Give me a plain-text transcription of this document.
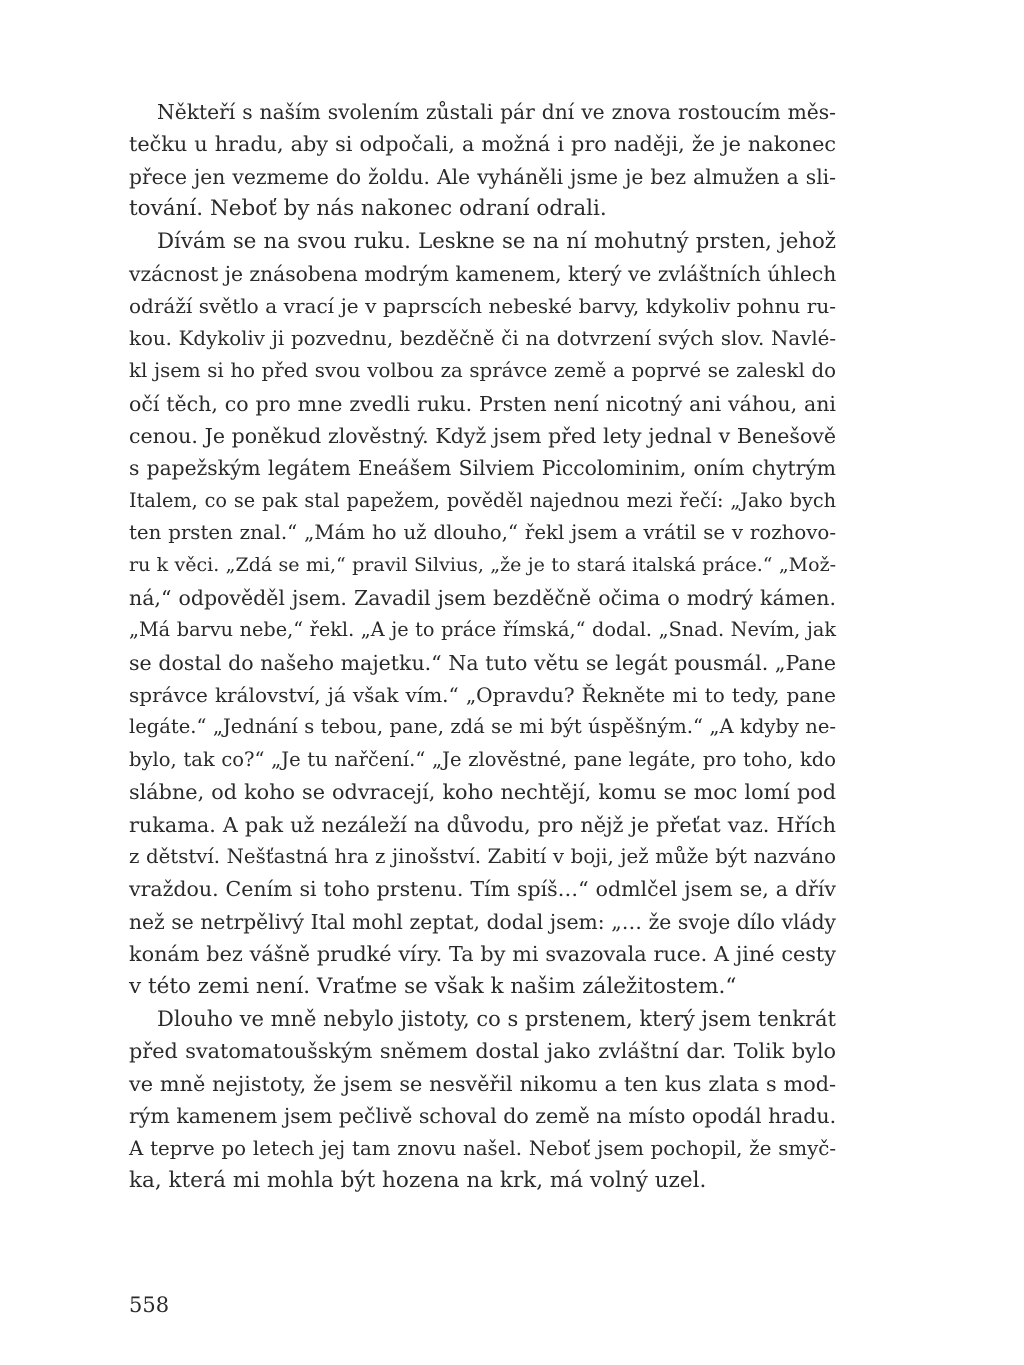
Někteří s naším svolením zůstali pár dní ve znova rostoucím měs-
tečku u hradu, aby si odpočali, a možná i pro naději, že je nakonec
přece jen vezmeme do žoldu. Ale vyháněli jsme je bez almužen a sli-
tování. Neboť by nás nakonec odraní odrali.
Dívám se na svou ruku. Leskne se na ní mohutný prsten, jehož
vzácnost je znásobena modrým kamenem, který ve zvláštních úhlech
odráží světlo a vrací je v paprscích nebeské barvy, kdykoliv pohnu ru-
kou. Kdykoliv ji pozvednu, bezděčně či na dotvrzení svých slov. Navlé-
kl jsem si ho před svou volbou za správce země a poprvé se zaleskl do
očí těch, co pro mne zvedli ruku. Prsten není nicotný ani váhou, ani
cenou. Je poněkud zlověstný. Když jsem před lety jednal v Benešově
s papežským legátem Eneášem Silviem Piccolominim, oním chytrým
Italem, co se pak stal papežem, pověděl najednou mezi řečí: „Jako bych
ten prsten znal.“ „Mám ho už dlouho,“ řekl jsem a vrátil se v rozhovo-
ru k věci. „Zdá se mi,“ pravil Silvius, „že je to stará italská práce.“ „Mož-
ná,“ odpověděl jsem. Zavadil jsem bezděčně očima o modrý kámen.
„Má barvu nebe,“ řekl. „A je to práce římská,“ dodal. „Snad. Nevím, jak
se dostal do našeho majetku.“ Na tuto větu se legát pousmál. „Pane
správce království, já však vím.“ „Opravdu? Řekněte mi to tedy, pane
legáte.“ „Jednání s tebou, pane, zdá se mi být úspěšným.“ „A kdyby ne-
bylo, tak co?“ „Je tu nařčení.“ „Je zlověstné, pane legáte, pro toho, kdo
slábne, od koho se odvracejí, koho nechtějí, komu se moc lomí pod
rukama. A pak už nezáleží na důvodu, pro nějž je přeťat vaz. Hřích
z dětství. Nešťastná hra z jinošství. Zabití v boji, jež může být nazváno
vraždou. Cením si toho prstenu. Tím spíš…“ odmlčel jsem se, a dřív
než se netrpělivý Ital mohl zeptat, dodal jsem: „… že svoje dílo vlády
konám bez vášně prudké víry. Ta by mi svazovala ruce. A jiné cesty
v této zemi není. Vraťme se však k našim záležitostem.“
Dlouho ve mně nebylo jistoty, co s prstenem, který jsem tenkrát
před svatomatoušským sněmem dostal jako zvláštní dar. Tolik bylo
ve mně nejistoty, že jsem se nesvěřil nikomu a ten kus zlata s mod-
rým kamenem jsem pečlivě schoval do země na místo opodál hradu.
A teprve po letech jej tam znovu našel. Neboť jsem pochopil, že smyč-
ka, která mi mohla být hozena na krk, má volný uzel.
558
